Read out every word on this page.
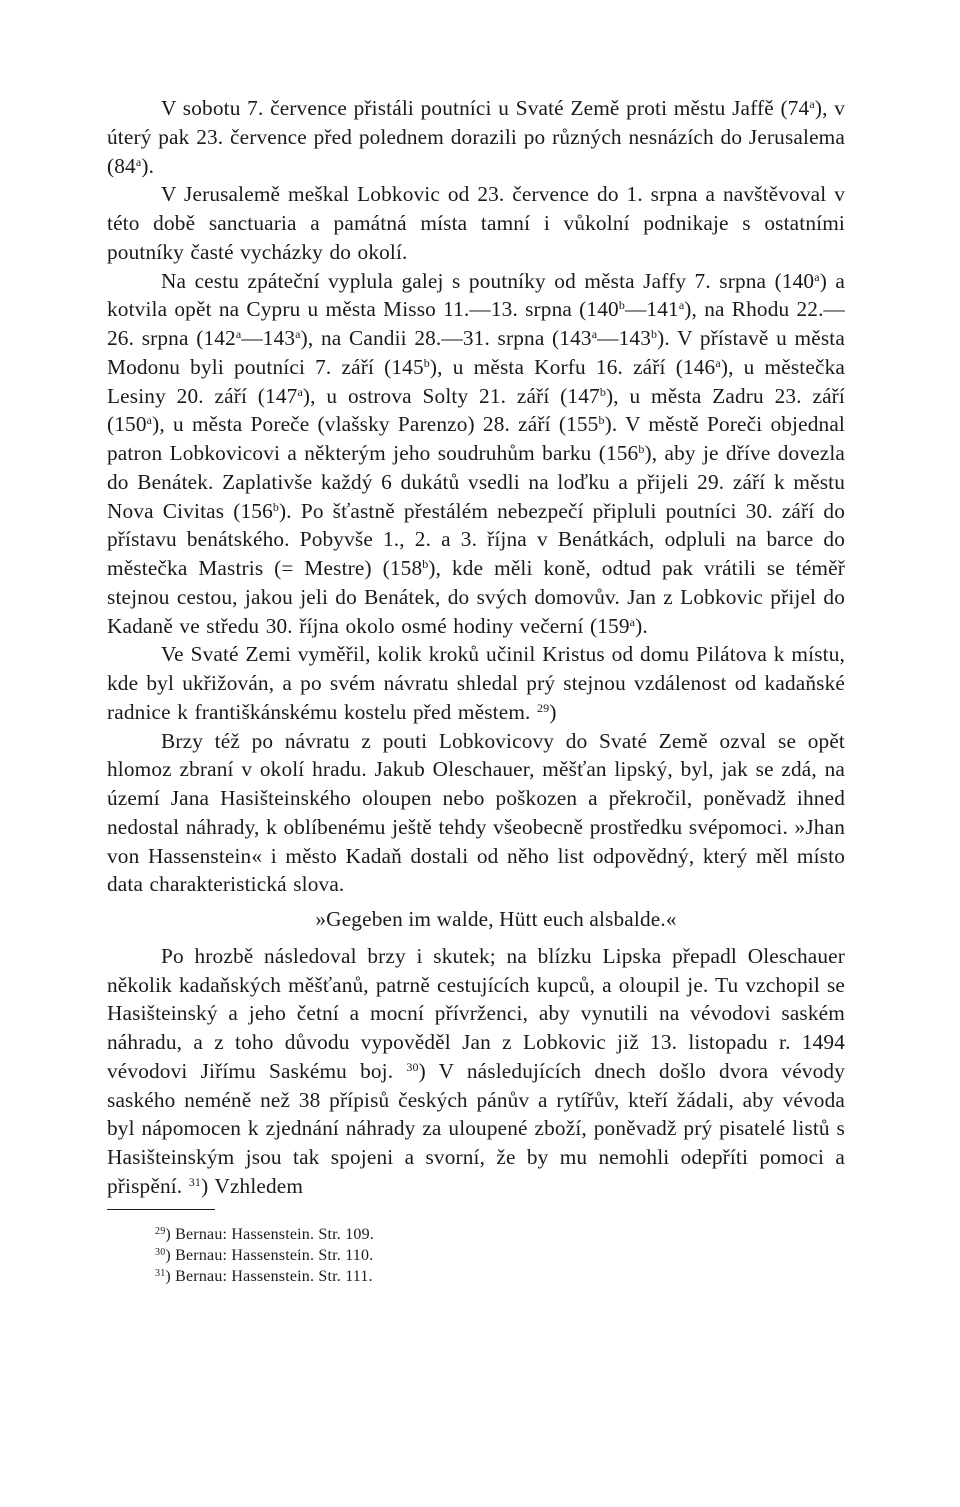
V sobotu 7. července přistáli poutníci u Svaté Země proti městu Jaffě (74$^a$), v úterý pak 23. července před polednem dorazili po různých nesnázích do Jerusalema (84$^a$).

V Jerusalemě meškal Lobkovic od 23. července do 1. srpna a navštěvoval v této době sanctuaria a památná místa tamní i vůkolní podnikaje s ostatními poutníky časté vycházky do okolí.

Na cestu zpáteční vyplula galej s poutníky od města Jaffy 7. srpna (140$^a$) a kotvila opět na Cypru u města Misso 11.—13. srpna (140$^b$—141$^a$), na Rhodu 22.—26. srpna (142$^a$—143$^a$), na Candii 28.—31. srpna (143$^a$—143$^b$). V přístavě u města Modonu byli poutníci 7. září (145$^b$), u města Korfu 16. září (146$^a$), u městečka Lesiny 20. září (147$^a$), u ostrova Solty 21. září (147$^b$), u města Zadru 23. září (150$^a$), u města Poreče (vlašsky Parenzo) 28. září (155$^b$). V městě Poreči objednal patron Lobkovicovi a některým jeho soudruhům barku (156$^b$), aby je dříve dovezla do Benátek. Zaplativše každý 6 dukátů vsedli na loďku a přijeli 29. září k městu Nova Civitas (156$^b$). Po šťastně přestálém nebezpečí připluli poutníci 30. září do přístavu benátského. Pobyvše 1., 2. a 3. října v Benátkách, odpluli na barce do městečka Mastris (= Mestre) (158$^b$), kde měli koně, odtud pak vrátili se téměř stejnou cestou, jakou jeli do Benátek, do svých domovův. Jan z Lobkovic přijel do Kadaně ve středu 30. října okolo osmé hodiny večerní (159$^a$).

Ve Svaté Zemi vyměřil, kolik kroků učinil Kristus od domu Pilátova k místu, kde byl ukřižován, a po svém návratu shledal prý stejnou vzdálenost od kadaňské radnice k františkánskému kostelu před městem. $^{29}$)

Brzy též po návratu z pouti Lobkovicovy do Svaté Země ozval se opět hlomoz zbraní v okolí hradu. Jakub Oleschauer, měšťan lipský, byl, jak se zdá, na území Jana Hasišteinského oloupen nebo poškozen a překročil, poněvadž ihned nedostal náhrady, k oblíbenému ještě tehdy všeobecně prostředku svépomoci. »Jhan von Hassenstein« i město Kadaň dostali od něho list odpovědný, který měl místo data charakteristická slova.

»Gegeben im walde, Hütt euch alsbalde.«

Po hrozbě následoval brzy i skutek; na blízku Lipska přepadl Oleschauer několik kadaňských měšťanů, patrně cestujících kupců, a oloupil je. Tu vzchopil se Hasišteinský a jeho četní a mocní přívrženci, aby vynutili na vévodovi saském náhradu, a z toho důvodu vypověděl Jan z Lobkovic již 13. listopadu r. 1494 vévodovi Jiřímu Saskému boj. $^{30}$) V následujících dnech došlo dvora vévody saského neméně než 38 přípisů českých pánův a rytířův, kteří žádali, aby vévoda byl nápomocen k zjednání náhrady za uloupené zboží, poněvadž prý pisatelé listů s Hasišteinským jsou tak spojeni a svorní, že by mu nemohli odepříti pomoci a přispění. $^{31}$) Vzhledem

$^{29}$) Bernau: Hassenstein. Str. 109.
$^{30}$) Bernau: Hassenstein. Str. 110.
$^{31}$) Bernau: Hassenstein. Str. 111.
